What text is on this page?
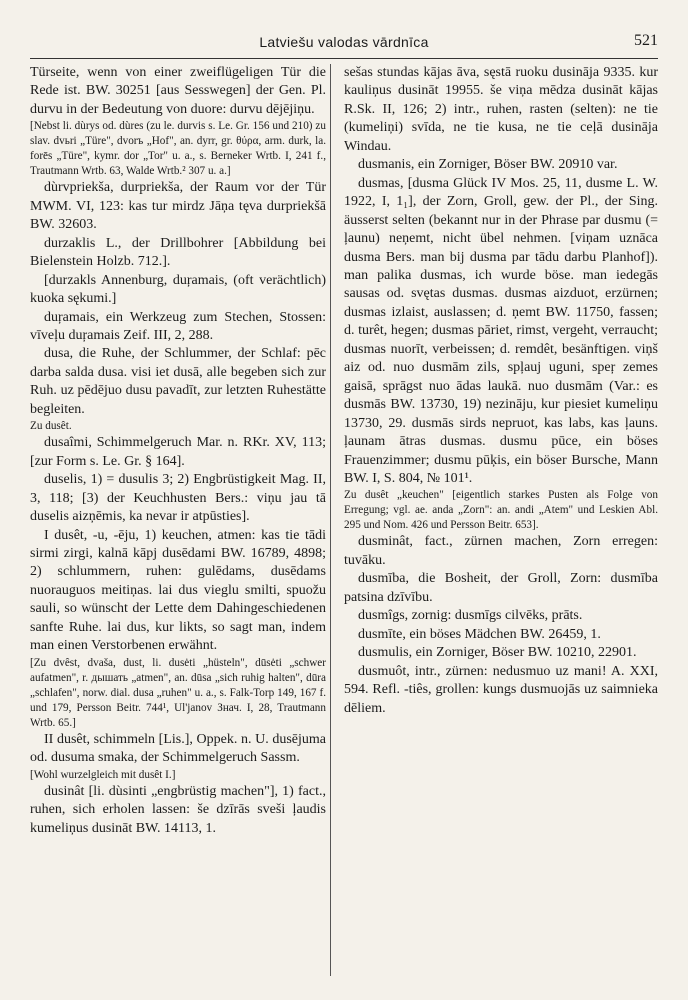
Latviešu valodas vārdnīca	521

Türseite, wenn von einer zweiflügeligen Tür die Rede ist. BW. 30251 [aus Sesswegen] der Gen. Pl. durvu in der Bedeutung von duore: durvu dējējiņu.

[Nebst li. dùrys od. dùres (zu le. durvis s. Le. Gr. 156 und 210) zu slav. dvьri „Türe", dvorъ „Hof", an. dyrr, gr. θύρα, arm. durk, la. forēs „Türe", kymr. dor „Tor" u. a., s. Berneker Wrtb. I, 241 f., Trautmann Wrtb. 63, Walde Wrtb.² 307 u. a.]

dùrvpriekša, durpriekša, der Raum vor der Tür MWM. VI, 123: kas tur mirdz Jāņa tęva durpriekšā BW. 32603.

durzaklis L., der Drillbohrer [Abbildung bei Bielenstein Holzb. 712.].

[durzakls Annenburg, duŗamais, (oft verächtlich) kuoka sękumi.]

duŗamais, ein Werkzeug zum Stechen, Stossen: vīveļu duŗamais Zeif. III, 2, 288.

dusa, die Ruhe, der Schlummer, der Schlaf: pēc darba salda dusa. visi iet dusā, alle begeben sich zur Ruh. uz pēdējuo dusu pavadīt, zur letzten Ruhestätte begleiten.

Zu dusêt.

dusaîmi, Schimmelgeruch Mar. n. RKr. XV, 113; [zur Form s. Le. Gr. § 164].

duselis, 1) = dusulis 3; 2) Engbrüstigkeit Mag. II, 3, 118; [3) der Keuchhusten Bers.: viņu jau tā duselis aizņēmis, ka nevar ir atpūsties].

I dusêt, -u, -ēju, 1) keuchen, atmen: kas tie tādi sirmi zirgi, kalnā kāpj dusēdami BW. 16789, 4898; 2) schlummern, ruhen: gulēdams, dusēdams nuorauguos meitiņas. lai dus vieglu smilti, spuožu sauli, so wünscht der Lette dem Dahingeschiedenen sanfte Ruhe. lai dus, kur likts, so sagt man, indem man einen Verstorbenen erwähnt.

[Zu dvêst, dvaša, dust, li. dusėti „hüsteln", dūsėti „schwer aufatmen", r. дышать „atmen", an. dūsa „sich ruhig halten", dūra „schlafen", norw. dial. dusa „ruhen" u. a., s. Falk-Torp 149, 167 f. und 179, Persson Beitr. 744¹, Ul'janov Знач. I, 28, Trautmann Wrtb. 65.]

II dusêt, schimmeln [Lis.], Oppek. n. U. dusējuma od. dusuma smaka, der Schimmelgeruch Sassm.

[Wohl wurzelgleich mit dusêt I.]

dusinât [li. dùsinti „engbrüstig machen"], 1) fact., ruhen, sich erholen lassen: še dzīrās sveši ļaudis kumeliņus dusināt BW. 14113, 1.

sešas stundas kājas āva, sęstā ruoku dusināja 9335. kur kauliņus dusināt 19955. še viņa mēdza dusināt kājas R.Sk. II, 126; 2) intr., ruhen, rasten (selten): ne tie (kumeliņi) svīda, ne tie kusa, ne tie ceļā dusināja Windau.

dusmanis, ein Zorniger, Böser BW. 20910 var.

dusmas, [dusma Glück IV Mos. 25, 11, dusme L. W. 1922, I, 1₁], der Zorn, Groll, gew. der Pl., der Sing. äusserst selten (bekannt nur in der Phrase par dusmu (= ļaunu) neņemt, nicht übel nehmen. [viņam uznāca dusma Bers. man bij dusma par tādu darbu Planhof]). man palika dusmas, ich wurde böse. man iedegās sausas od. svętas dusmas. dusmas aizduot, erzürnen; dusmas izlaist, auslassen; d. ņemt BW. 11750, fassen; d. turêt, hegen; dusmas pāriet, rimst, vergeht, verraucht; dusmas nuorīt, verbeissen; d. remdêt, besänftigen. viņš aiz od. nuo dusmām zils, spļauj uguni, speŗ zemes gaisā, sprāgst nuo ādas laukā. nuo dusmām (Var.: es dusmās BW. 13730, 19) nezināju, kur piesiet kumeliņu 13730, 29. dusmās sirds nepruot, kas labs, kas ļauns. ļaunam ātras dusmas. dusmu pūce, ein böses Frauenzimmer; dusmu pūķis, ein böser Bursche, Mann BW. I, S. 804, № 101¹.

Zu dusêt „keuchen" [eigentlich starkes Pusten als Folge von Erregung; vgl. ae. anda „Zorn": an. andi „Atem" und Leskien Abl. 295 und Nom. 426 und Persson Beitr. 653].

dusminât, fact., zürnen machen, Zorn erregen: tuvāku.

dusmība, die Bosheit, der Groll, Zorn: dusmība patsina dzīvību.

dusmîgs, zornig: dusmīgs cilvēks, prāts.

dusmīte, ein böses Mädchen BW. 26459, 1.

dusmulis, ein Zorniger, Böser BW. 10210, 22901.

dusmuôt, intr., zürnen: nedusmuo uz mani! A. XXI, 594. Refl. -tiês, grollen: kungs dusmuojās uz saimnieka dēliem.
